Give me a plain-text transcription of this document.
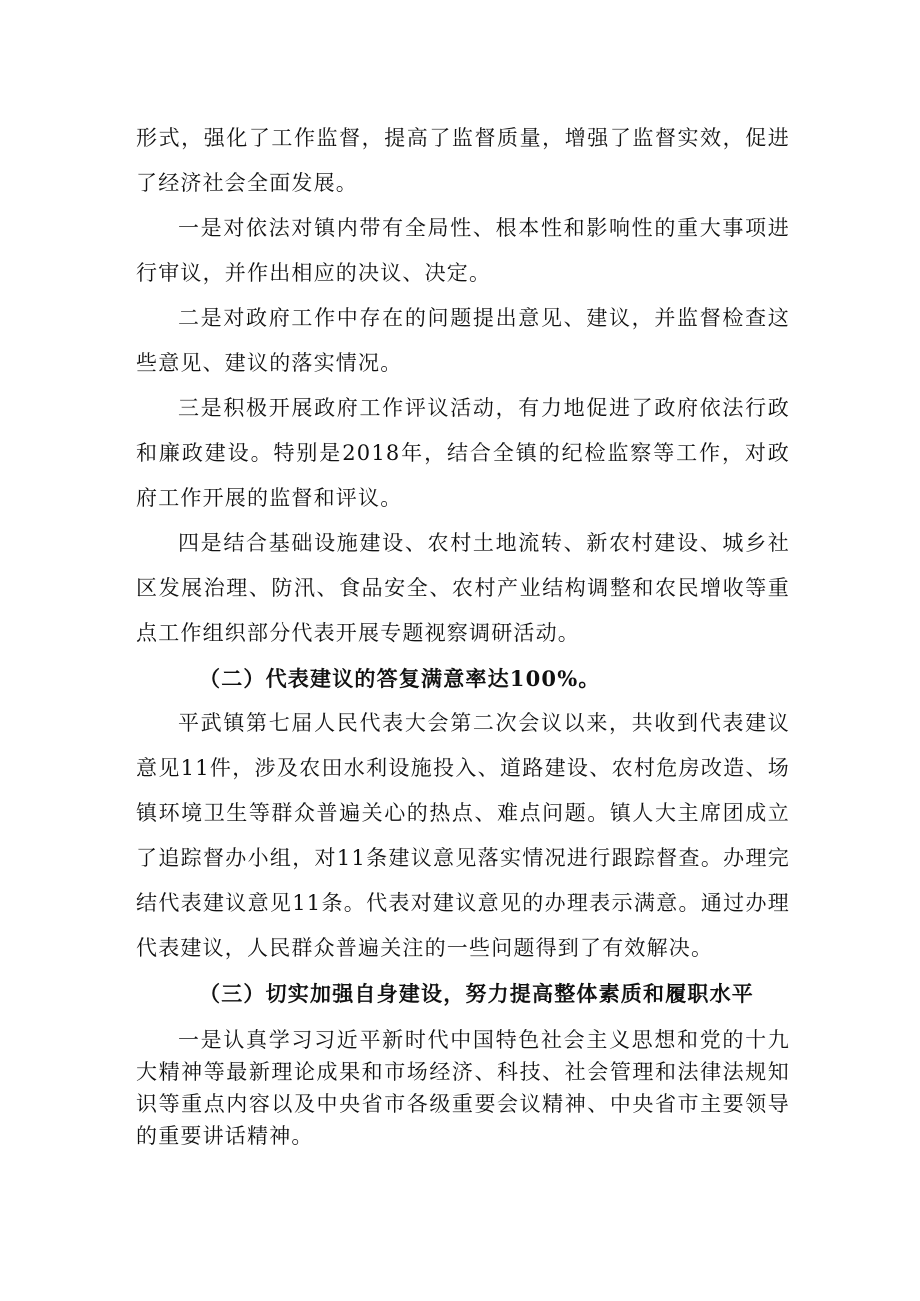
形式，强化了工作监督，提高了监督质量，增强了监督实效，促进了经济社会全面发展。

一是对依法对镇内带有全局性、根本性和影响性的重大事项进行审议，并作出相应的决议、决定。

二是对政府工作中存在的问题提出意见、建议，并监督检查这些意见、建议的落实情况。

三是积极开展政府工作评议活动，有力地促进了政府依法行政和廉政建设。特别是2018年，结合全镇的纪检监察等工作，对政府工作开展的监督和评议。

四是结合基础设施建设、农村土地流转、新农村建设、城乡社区发展治理、防汛、食品安全、农村产业结构调整和农民增收等重点工作组织部分代表开展专题视察调研活动。

（二）代表建议的答复满意率达100%。

平武镇第七届人民代表大会第二次会议以来，共收到代表建议意见11件，涉及农田水利设施投入、道路建设、农村危房改造、场镇环境卫生等群众普遍关心的热点、难点问题。镇人大主席团成立了追踪督办小组，对11条建议意见落实情况进行跟踪督查。办理完结代表建议意见11条。代表对建议意见的办理表示满意。通过办理代表建议，人民群众普遍关注的一些问题得到了有效解决。

（三）切实加强自身建设，努力提高整体素质和履职水平

一是认真学习习近平新时代中国特色社会主义思想和党的十九大精神等最新理论成果和市场经济、科技、社会管理和法律法规知识等重点内容以及中央省市各级重要会议精神、中央省市主要领导的重要讲话精神。
